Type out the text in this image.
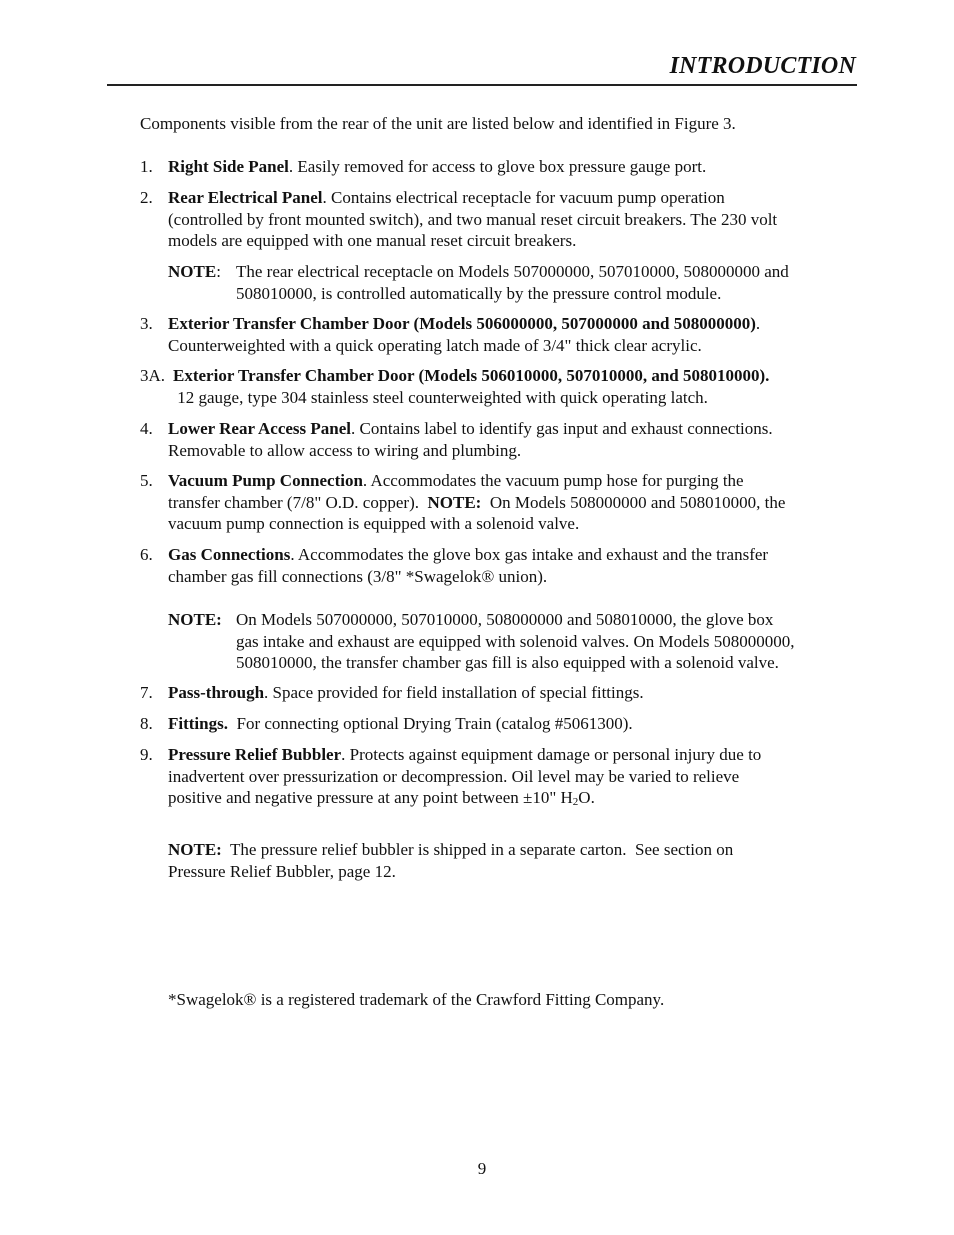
INTRODUCTION
Components visible from the rear of the unit are listed below and identified in Figure 3.
1. Right Side Panel. Easily removed for access to glove box pressure gauge port.
2. Rear Electrical Panel. Contains electrical receptacle for vacuum pump operation
(controlled by front mounted switch), and two manual reset circuit breakers. The 230 volt
models are equipped with one manual reset circuit breakers.
NOTE: The rear electrical receptacle on Models 507000000, 507010000, 508000000 and
508010000, is controlled automatically by the pressure control module.
3. Exterior Transfer Chamber Door (Models 506000000, 507000000 and 508000000).
Counterweighted with a quick operating latch made of 3/4" thick clear acrylic.
3A. Exterior Transfer Chamber Door (Models 506010000, 507010000, and 508010000).
12 gauge, type 304 stainless steel counterweighted with quick operating latch.
4. Lower Rear Access Panel. Contains label to identify gas input and exhaust connections.
Removable to allow access to wiring and plumbing.
5. Vacuum Pump Connection. Accommodates the vacuum pump hose for purging the
transfer chamber (7/8" O.D. copper).  NOTE:  On Models 508000000 and 508010000, the
vacuum pump connection is equipped with a solenoid valve.
6. Gas Connections. Accommodates the glove box gas intake and exhaust and the transfer
chamber gas fill connections (3/8" *Swagelok® union).
NOTE: On Models 507000000, 507010000, 508000000 and 508010000, the glove box
gas intake and exhaust are equipped with solenoid valves. On Models 508000000,
508010000, the transfer chamber gas fill is also equipped with a solenoid valve.
7. Pass-through. Space provided for field installation of special fittings.
8. Fittings.  For connecting optional Drying Train (catalog #5061300).
9. Pressure Relief Bubbler. Protects against equipment damage or personal injury due to
inadvertent over pressurization or decompression. Oil level may be varied to relieve
positive and negative pressure at any point between ±10" H2O.
NOTE:  The pressure relief bubbler is shipped in a separate carton.  See section on
Pressure Relief Bubbler, page 12.
*Swagelok® is a registered trademark of the Crawford Fitting Company.
9
